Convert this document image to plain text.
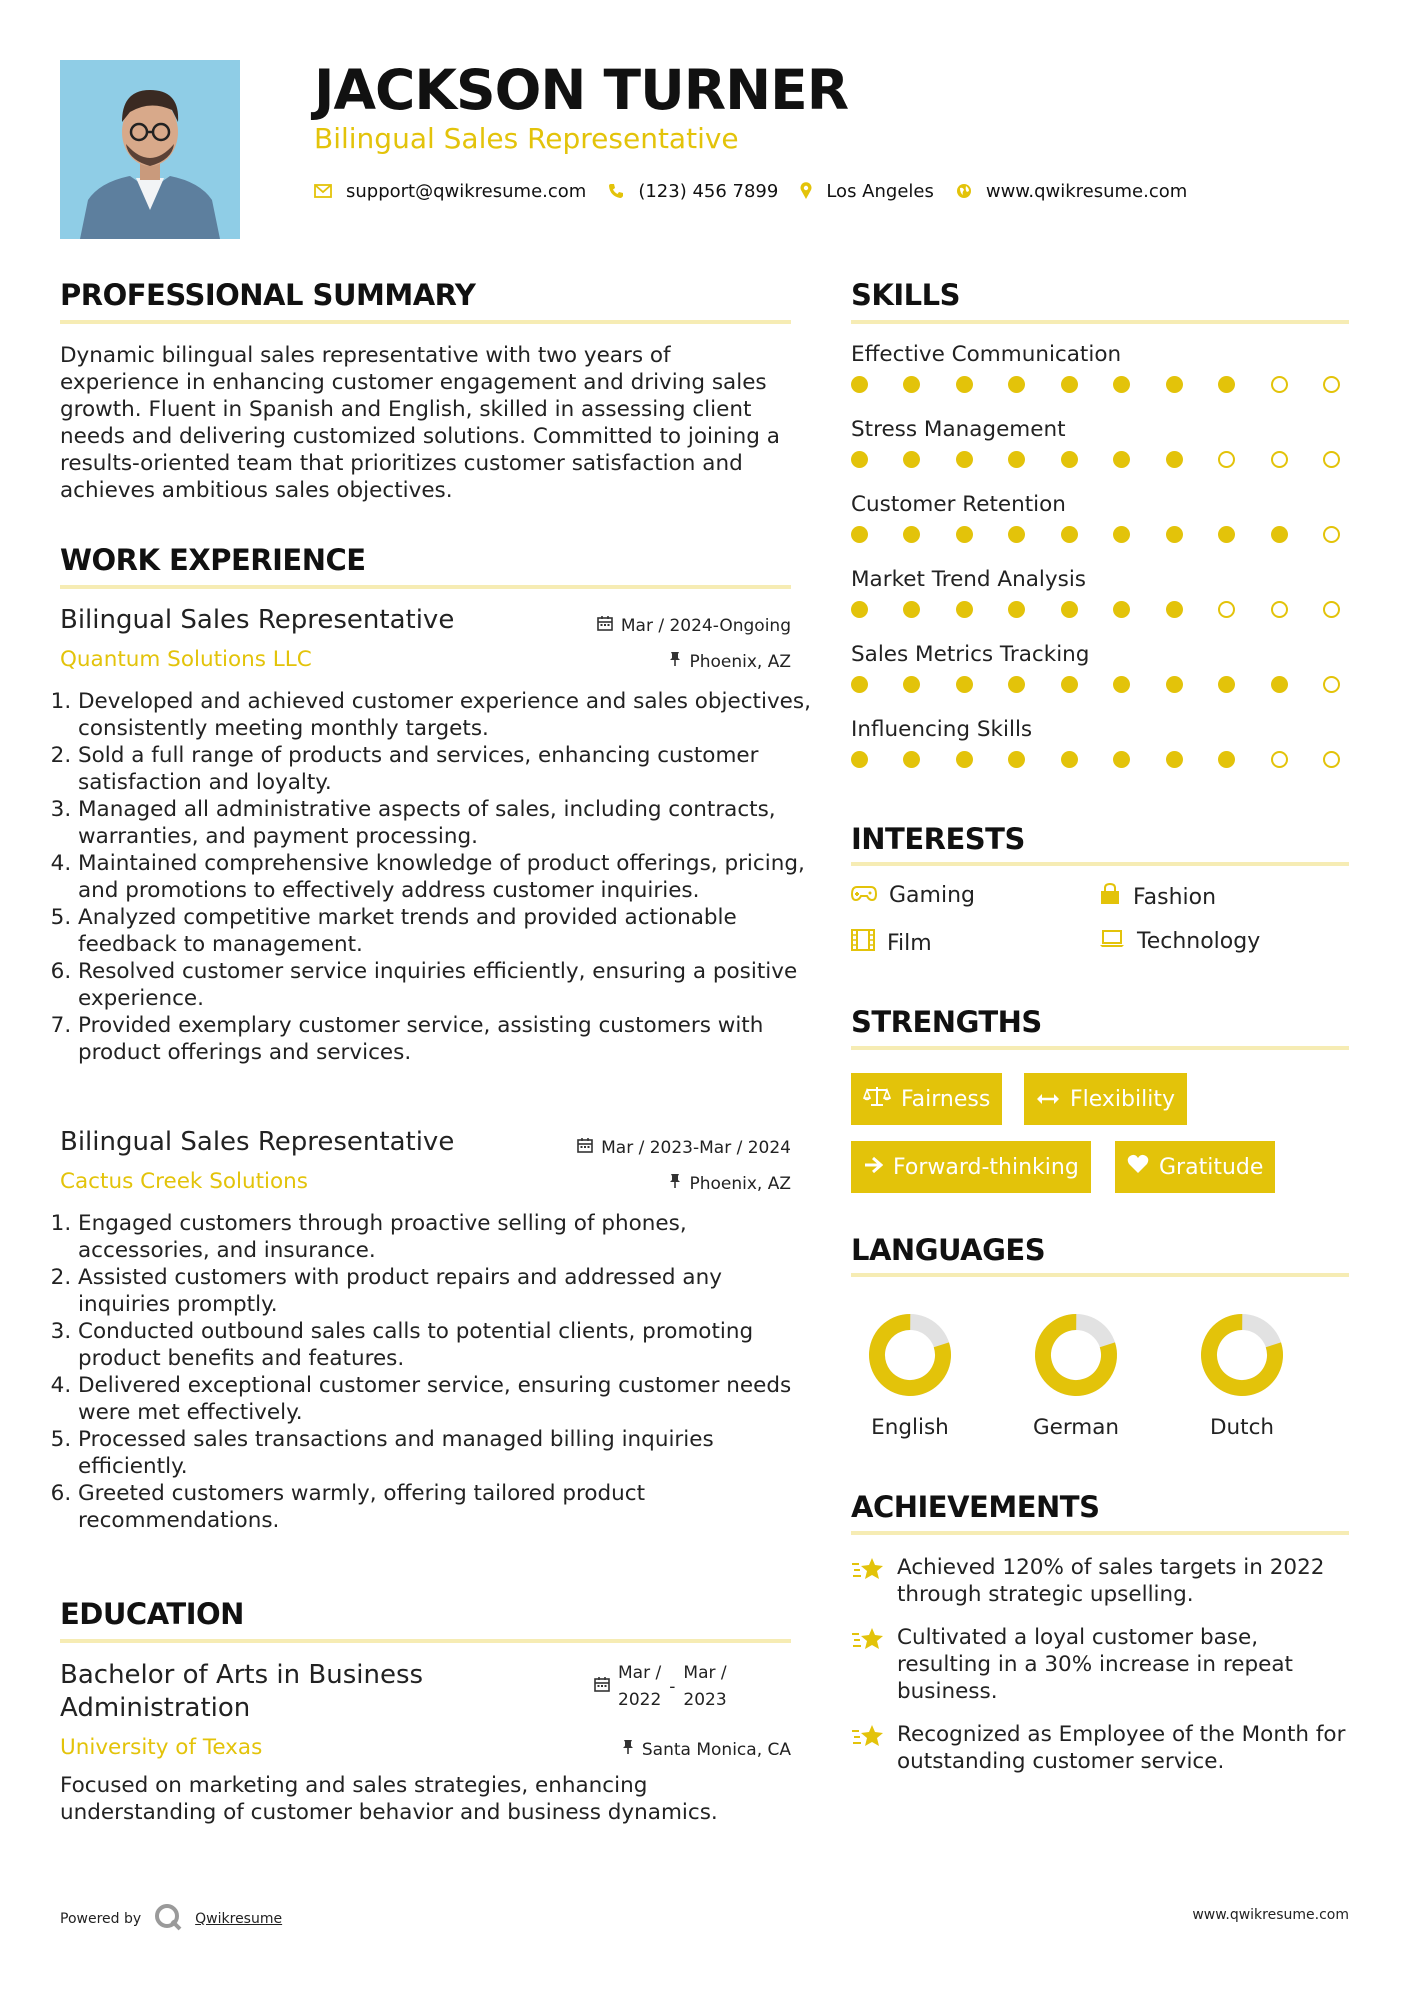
JACKSON TURNER
Bilingual Sales Representative
support@qwikresume.com	(123) 456 7899	Los Angeles	www.qwikresume.com
PROFESSIONAL SUMMARY
Dynamic bilingual sales representative with two years of experience in enhancing customer engagement and driving sales growth. Fluent in Spanish and English, skilled in assessing client needs and delivering customized solutions. Committed to joining a results-oriented team that prioritizes customer satisfaction and achieves ambitious sales objectives.
WORK EXPERIENCE
Bilingual Sales Representative	Mar / 2024-Ongoing
Quantum Solutions LLC	Phoenix, AZ
1. Developed and achieved customer experience and sales objectives, consistently meeting monthly targets.
2. Sold a full range of products and services, enhancing customer satisfaction and loyalty.
3. Managed all administrative aspects of sales, including contracts, warranties, and payment processing.
4. Maintained comprehensive knowledge of product offerings, pricing, and promotions to effectively address customer inquiries.
5. Analyzed competitive market trends and provided actionable feedback to management.
6. Resolved customer service inquiries efficiently, ensuring a positive experience.
7. Provided exemplary customer service, assisting customers with product offerings and services.
Bilingual Sales Representative	Mar / 2023-Mar / 2024
Cactus Creek Solutions	Phoenix, AZ
1. Engaged customers through proactive selling of phones, accessories, and insurance.
2. Assisted customers with product repairs and addressed any inquiries promptly.
3. Conducted outbound sales calls to potential clients, promoting product benefits and features.
4. Delivered exceptional customer service, ensuring customer needs were met effectively.
5. Processed sales transactions and managed billing inquiries efficiently.
6. Greeted customers warmly, offering tailored product recommendations.
EDUCATION
Bachelor of Arts in Business
Administration
Mar /
2022
-
Mar /
2023
University of Texas	Santa Monica, CA
Focused on marketing and sales strategies, enhancing understanding of customer behavior and business dynamics.
SKILLS
Effective Communication
Stress Management
Customer Retention
Market Trend Analysis
Sales Metrics Tracking
Influencing Skills
INTERESTS
Gaming	Fashion
Film	Technology
STRENGTHS
Fairness	Flexibility
Forward-thinking	Gratitude
LANGUAGES
English	German	Dutch
ACHIEVEMENTS
Achieved 120% of sales targets in 2022 through strategic upselling.
Cultivated a loyal customer base, resulting in a 30% increase in repeat business.
Recognized as Employee of the Month for outstanding customer service.
Powered by	Qwikresume	www.qwikresume.com
